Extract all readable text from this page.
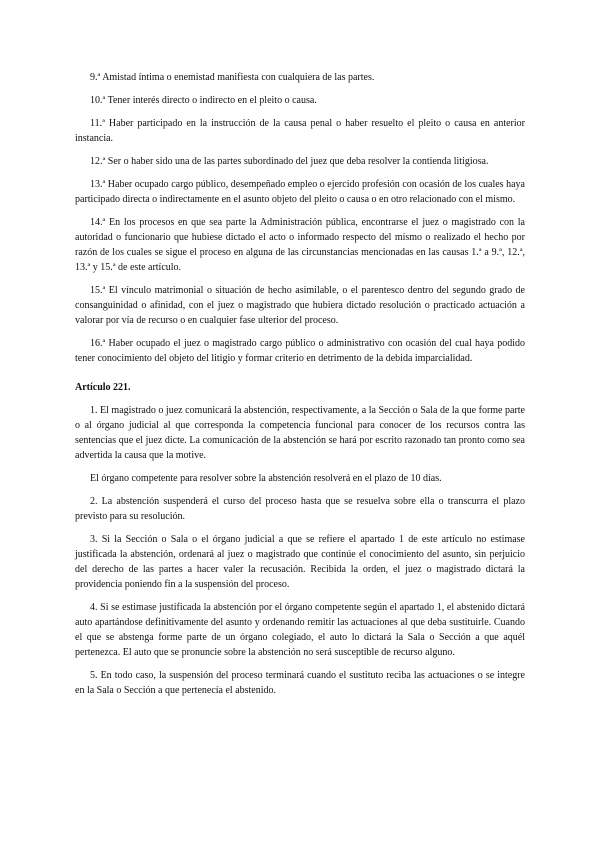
9.ª Amistad íntima o enemistad manifiesta con cualquiera de las partes.

10.ª Tener interés directo o indirecto en el pleito o causa.

11.ª Haber participado en la instrucción de la causa penal o haber resuelto el pleito o causa en anterior instancia.

12.ª Ser o haber sido una de las partes subordinado del juez que deba resolver la contienda litigiosa.

13.ª Haber ocupado cargo público, desempeñado empleo o ejercido profesión con ocasión de los cuales haya participado directa o indirectamente en el asunto objeto del pleito o causa o en otro relacionado con el mismo.

14.ª En los procesos en que sea parte la Administración pública, encontrarse el juez o magistrado con la autoridad o funcionario que hubiese dictado el acto o informado respecto del mismo o realizado el hecho por razón de los cuales se sigue el proceso en alguna de las circunstancias mencionadas en las causas 1.ª a 9.ª, 12.ª, 13.ª y 15.ª de este artículo.

15.ª El vínculo matrimonial o situación de hecho asimilable, o el parentesco dentro del segundo grado de consanguinidad o afinidad, con el juez o magistrado que hubiera dictado resolución o practicado actuación a valorar por vía de recurso o en cualquier fase ulterior del proceso.

16.ª Haber ocupado el juez o magistrado cargo público o administrativo con ocasión del cual haya podido tener conocimiento del objeto del litigio y formar criterio en detrimento de la debida imparcialidad.

Artículo 221.

1. El magistrado o juez comunicará la abstención, respectivamente, a la Sección o Sala de la que forme parte o al órgano judicial al que corresponda la competencia funcional para conocer de los recursos contra las sentencias que el juez dicte. La comunicación de la abstención se hará por escrito razonado tan pronto como sea advertida la causa que la motive.

El órgano competente para resolver sobre la abstención resolverá en el plazo de 10 días.

2. La abstención suspenderá el curso del proceso hasta que se resuelva sobre ella o transcurra el plazo previsto para su resolución.

3. Si la Sección o Sala o el órgano judicial a que se refiere el apartado 1 de este artículo no estimase justificada la abstención, ordenará al juez o magistrado que continúe el conocimiento del asunto, sin perjuicio del derecho de las partes a hacer valer la recusación. Recibida la orden, el juez o magistrado dictará la providencia poniendo fin a la suspensión del proceso.

4. Si se estimase justificada la abstención por el órgano competente según el apartado 1, el abstenido dictará auto apartándose definitivamente del asunto y ordenando remitir las actuaciones al que deba sustituirle. Cuando el que se abstenga forme parte de un órgano colegiado, el auto lo dictará la Sala o Sección a que aquél pertenezca. El auto que se pronuncie sobre la abstención no será susceptible de recurso alguno.

5. En todo caso, la suspensión del proceso terminará cuando el sustituto reciba las actuaciones o se integre en la Sala o Sección a que pertenecía el abstenido.
